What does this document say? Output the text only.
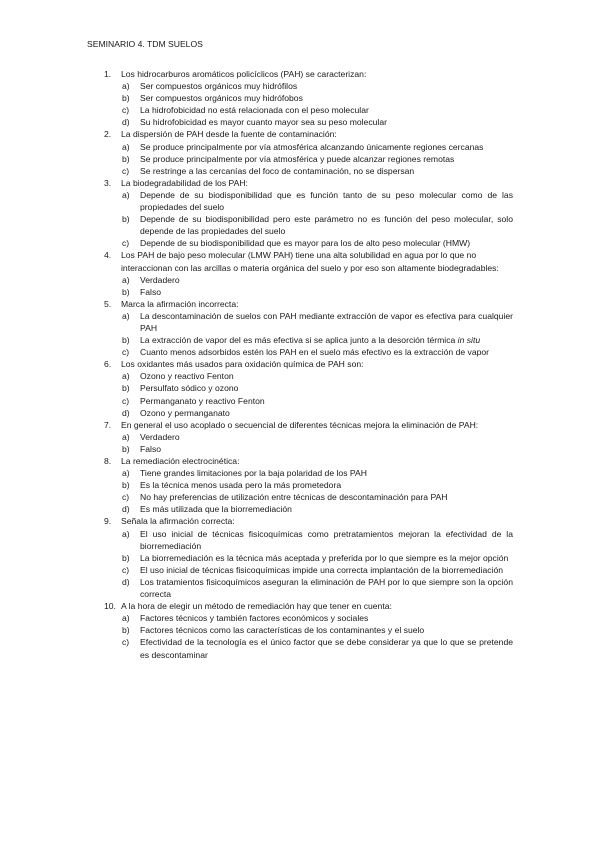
SEMINARIO 4. TDM SUELOS
1. Los hidrocarburos aromáticos policíclicos (PAH) se caracterizan:
a) Ser compuestos orgánicos muy hidrófilos
b) Ser compuestos orgánicos muy hidrófobos
c) La hidrofobicidad no está relacionada con el peso molecular
d) Su hidrofobicidad es mayor cuanto mayor sea su peso molecular
2. La dispersión de PAH desde la fuente de contaminación:
a) Se produce principalmente por vía atmosférica alcanzando únicamente regiones cercanas
b) Se produce principalmente por vía atmosférica y puede alcanzar regiones remotas
c) Se restringe a las cercanías del foco de contaminación, no se dispersan
3. La biodegradabilidad de los PAH:
a) Depende de su biodisponibilidad que es función tanto de su peso molecular como de las propiedades del suelo
b) Depende de su biodisponibilidad pero este parámetro no es función del peso molecular, solo depende de las propiedades del suelo
c) Depende de su biodisponibilidad que es mayor para los de alto peso molecular (HMW)
4. Los PAH de bajo peso molecular (LMW PAH) tiene una alta solubilidad en agua por lo que no interaccionan con las arcillas o materia orgánica del suelo y por eso son altamente biodegradables:
a) Verdadero
b) Falso
5. Marca la afirmación incorrecta:
a) La descontaminación de suelos con PAH mediante extracción de vapor es efectiva para cualquier PAH
b) La extracción de vapor del es más efectiva si se aplica junto a la desorción térmica in situ
c) Cuanto menos adsorbidos estén los PAH en el suelo más efectivo es la extracción de vapor
6. Los oxidantes más usados para oxidación química de PAH son:
a) Ozono y reactivo Fenton
b) Persulfato sódico y ozono
c) Permanganato y reactivo Fenton
d) Ozono y permanganato
7. En general el uso acoplado o secuencial de diferentes técnicas mejora la eliminación de PAH:
a) Verdadero
b) Falso
8. La remediación electrocinética:
a) Tiene grandes limitaciones por la baja polaridad de los PAH
b) Es la técnica menos usada pero la más prometedora
c) No hay preferencias de utilización entre técnicas de descontaminación para PAH
d) Es más utilizada que la biorremediación
9. Señala la afirmación correcta:
a) El uso inicial de técnicas fisicoquímicas como pretratamientos mejoran la efectividad de la biorremediación
b) La biorremediación es la técnica más aceptada y preferida por lo que siempre es la mejor opción
c) El uso inicial de técnicas fisicoquímicas impide una correcta implantación de la biorremediación
d) Los tratamientos fisicoquímicos aseguran la eliminación de PAH por lo que siempre son la opción correcta
10. A la hora de elegir un método de remediación hay que tener en cuenta:
a) Factores técnicos y también factores económicos y sociales
b) Factores técnicos como las características de los contaminantes y el suelo
c) Efectividad de la tecnología es el único factor que se debe considerar ya que lo que se pretende es descontaminar
